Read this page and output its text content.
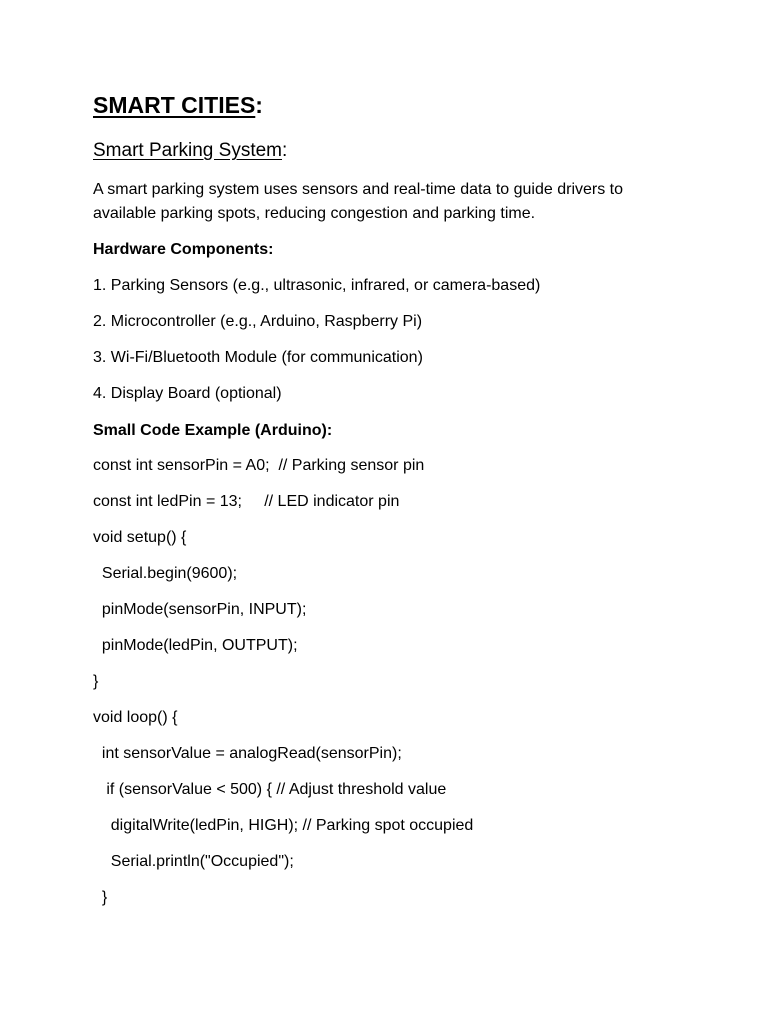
SMART CITIES:
Smart Parking System:
A smart parking system uses sensors and real-time data to guide drivers to available parking spots, reducing congestion and parking time.
Hardware Components:
1. Parking Sensors (e.g., ultrasonic, infrared, or camera-based)
2. Microcontroller (e.g., Arduino, Raspberry Pi)
3. Wi-Fi/Bluetooth Module (for communication)
4. Display Board (optional)
Small Code Example (Arduino):
const int sensorPin = A0;  // Parking sensor pin
const int ledPin = 13;     // LED indicator pin
void setup() {
Serial.begin(9600);
pinMode(sensorPin, INPUT);
pinMode(ledPin, OUTPUT);
}
void loop() {
int sensorValue = analogRead(sensorPin);
if (sensorValue < 500) { // Adjust threshold value
digitalWrite(ledPin, HIGH); // Parking spot occupied
Serial.println("Occupied");
}
